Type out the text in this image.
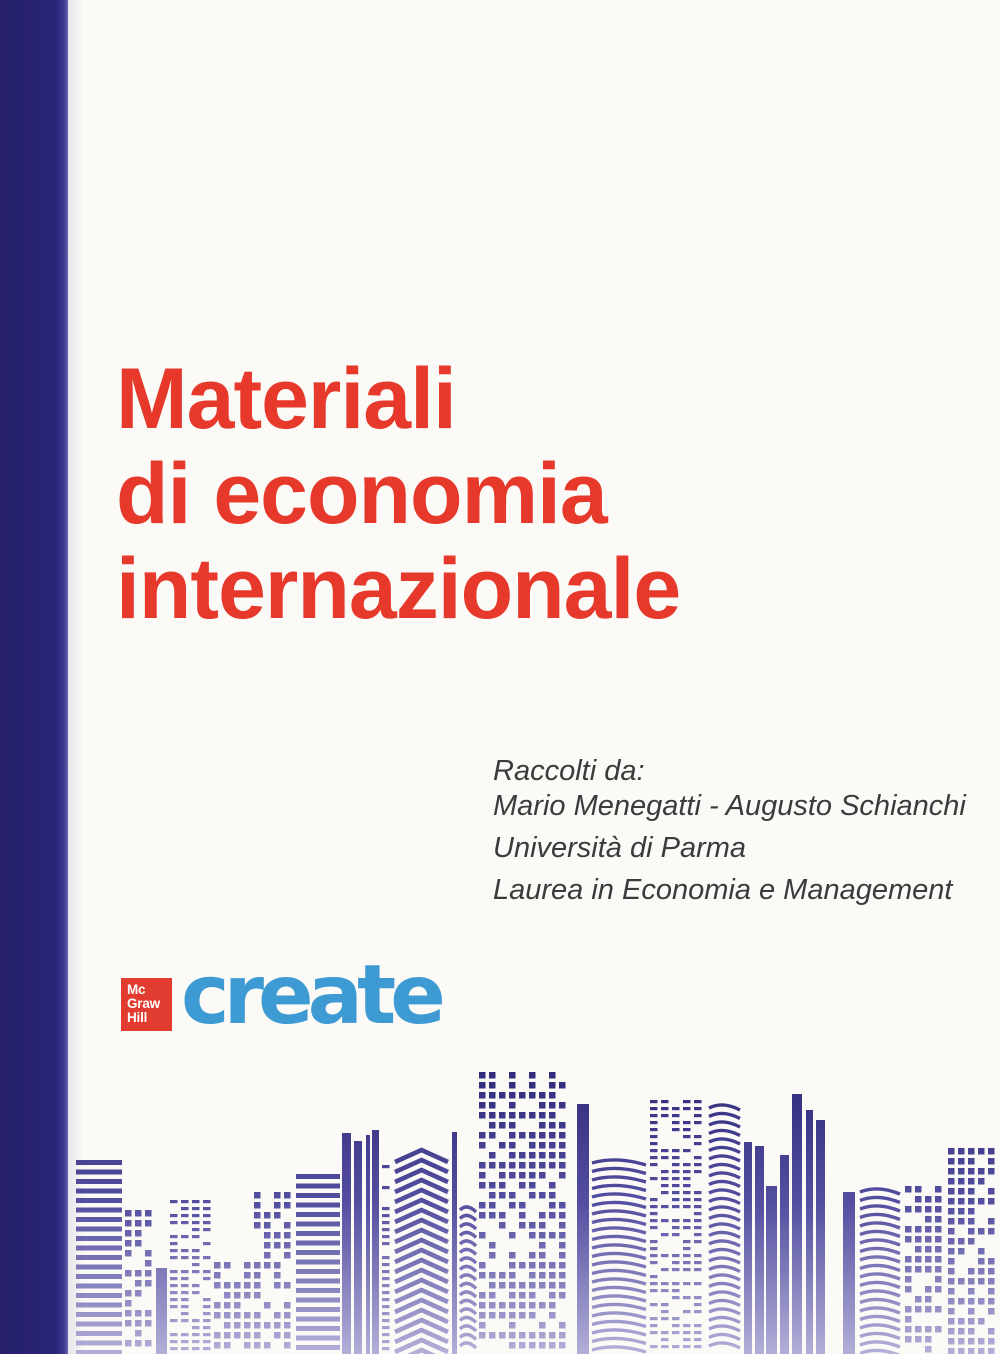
Materiali
di economia
internazionale
Raccolti da:
Mario Menegatti - Augusto Schianchi
Università di Parma
Laurea in Economia e Management
Mc
Graw
Hill create
